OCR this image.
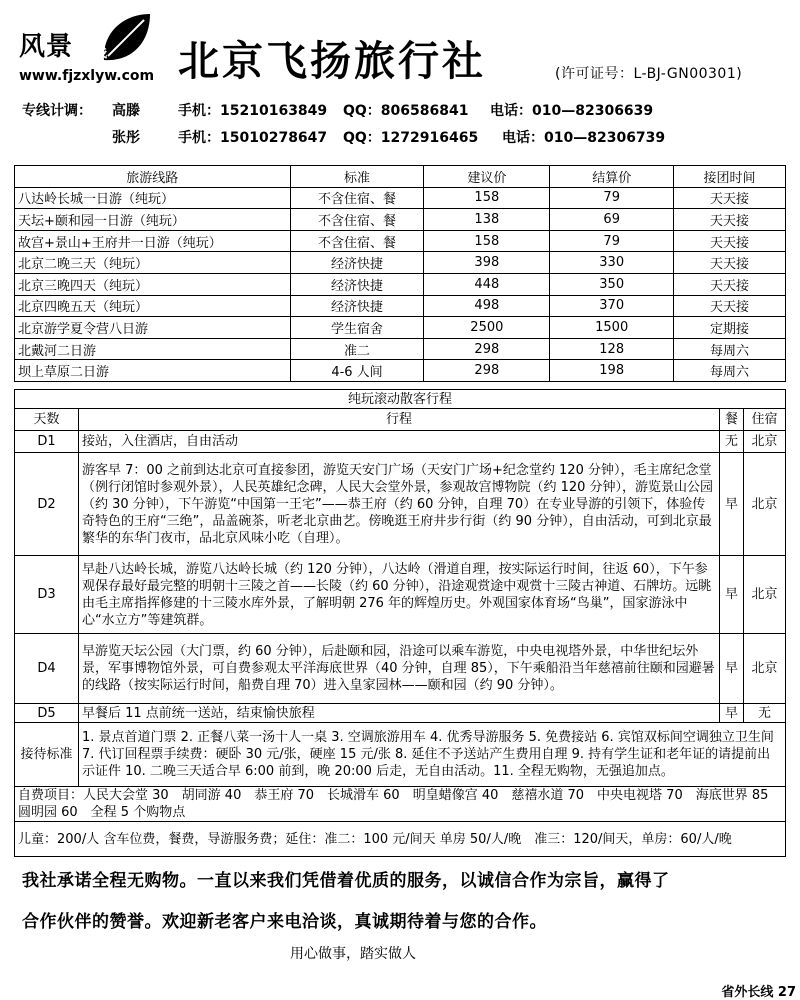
风景 在线
www.fjzxlyw.com 北京飞扬旅行社	(许可证号：L-BJ-GN00301)
专线计调： 高滕	手机：15210163849 QQ：806586841 电话：010—82306639
张彤	手机：15010278647 QQ：1272916465 电话：010—82306739
旅游线路	标准	建议价	结算价	接团时间
八达岭长城一日游（纯玩）	不含住宿、餐	158	79	天天接
天坛+颐和园一日游（纯玩）	不含住宿、餐	138	69	天天接
故宫+景山+王府井一日游（纯玩）	不含住宿、餐	158	79	天天接
北京二晚三天（纯玩）	经济快捷	398	330	天天接
北京三晚四天（纯玩）	经济快捷	448	350	天天接
北京四晚五天（纯玩）	经济快捷	498	370	天天接
北京游学夏令营八日游	学生宿舍	2500	1500	定期接
北戴河二日游	准二	298	128	每周六
坝上草原二日游	4-6 人间	298	198	每周六
纯玩滚动散客行程			
天数	行程	餐	住宿
D1	接站，入住酒店，自由活动	无	北京
D2	游客早 7：00 之前到达北京可直接参团，游览天安门广场（天安门广场+纪念堂约 120 分钟），毛主席纪念堂（例行闭馆时参观外景），人民英雄纪念碑，人民大会堂外景，参观故宫博物院（约 120 分钟），游览景山公园（约 30 分钟），下午游览“中国第一王宅”——恭王府（约 60 分钟，自理 70）在专业导游的引领下，体验传奇特色的王府“三绝”，品盖碗茶，听老北京曲艺。傍晚逛王府井步行街（约 90 分钟），自由活动，可到北京最繁华的东华门夜市，品北京风味小吃（自理）。	早	北京
D3	早赴八达岭长城，游览八达岭长城（约 120 分钟），八达岭（滑道自理，按实际运行时间，往返 60），下午参观保存最好最完整的明朝十三陵之首——长陵（约 60 分钟），沿途观赏途中观赏十三陵古神道、石牌坊。远眺由毛主席指挥修建的十三陵水库外景，了解明朝 276 年的辉煌历史。外观国家体育场“鸟巢”，国家游泳中心“水立方”等建筑群。	早	北京
D4	早游览天坛公园（大门票，约 60 分钟），后赴颐和园，沿途可以乘车游览，中央电视塔外景，中华世纪坛外景，军事博物馆外景，可自费参观太平洋海底世界（40 分钟，自理 85），下午乘船沿当年慈禧前往颐和园避暑的线路（按实际运行时间，船费自理 70）进入皇家园林——颐和园（约 90 分钟）。	早	北京
D5	早餐后 11 点前统一送站，结束愉快旅程	早	无
接待标准	1. 景点首道门票 2. 正餐八菜一汤十人一桌 3. 空调旅游用车 4. 优秀导游服务 5. 免费接站 6. 宾馆双标间空调独立卫生间 7. 代订回程票手续费：硬卧 30 元/张，硬座 15 元/张 8. 延住不予送站产生费用自理 9. 持有学生证和老年证的请提前出示证件 10. 二晚三天适合早 6:00 前到，晚 20:00 后走，无自由活动。11. 全程无购物，无强追加点。		
自费项目：人民大会堂 30　胡同游 40　恭王府 70　长城滑车 60　明皇蜡像宫 40　慈禧水道 70　中央电视塔 70　海底世界 85　圆明园 60　全程 5 个购物点			
儿童：200/人 含车位费，餐费，导游服务费；延住：准二：100 元/间天 单房 50/人/晚　准三：120/间天，单房：60/人/晚			
我社承诺全程无购物。一直以来我们凭借着优质的服务，以诚信合作为宗旨，赢得了
合作伙伴的赞誉。欢迎新老客户来电洽谈，真诚期待着与您的合作。
用心做事，踏实做人
省外长线 27
